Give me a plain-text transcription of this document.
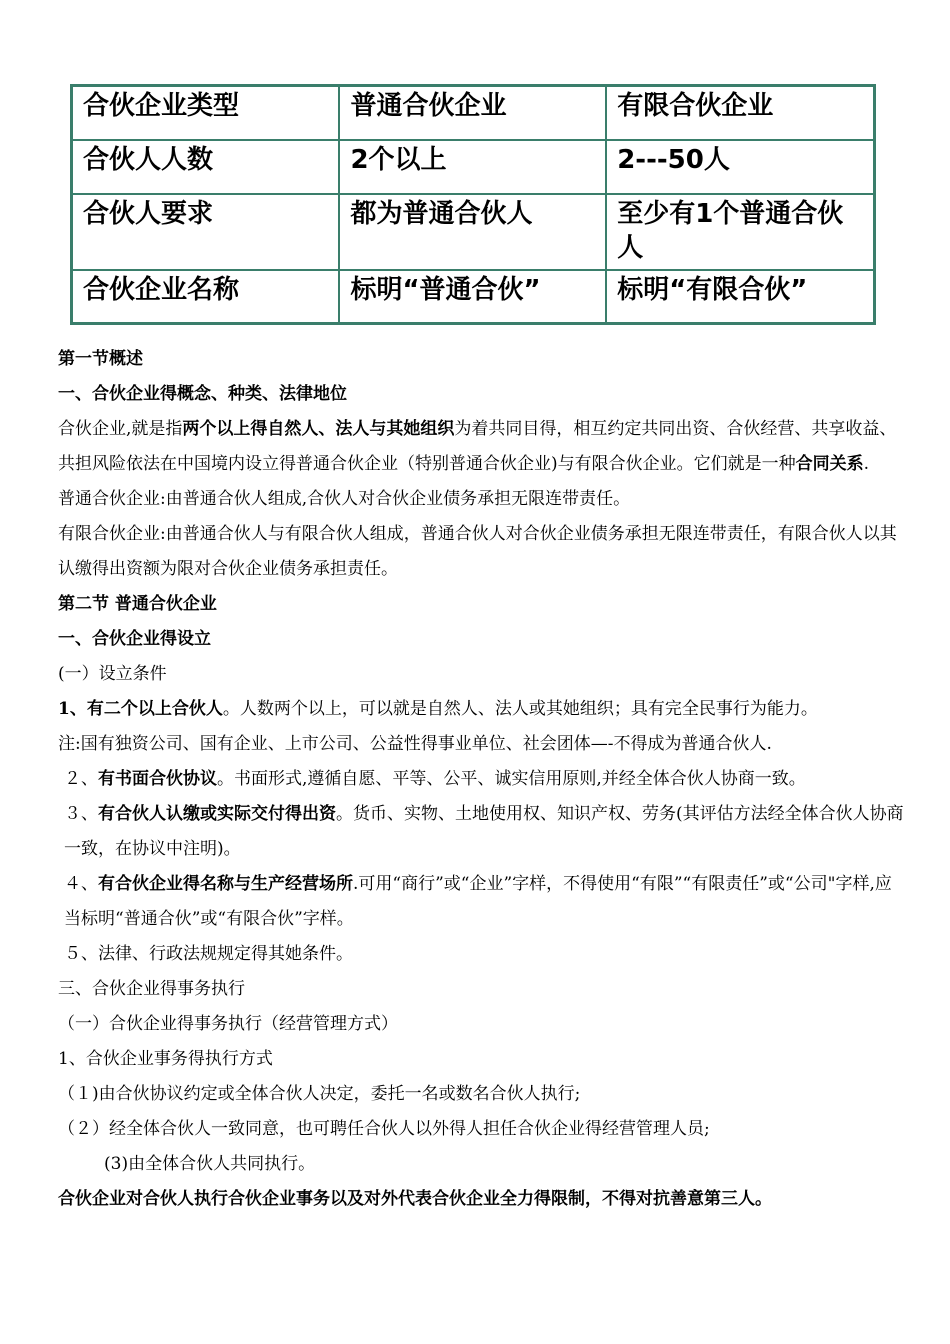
合伙企业类型	普通合伙企业	有限合伙企业
合伙人人数	2个以上	2---50人
合伙人要求	都为普通合伙人	至少有1个普通合伙人
合伙企业名称	标明“普通合伙”	标明“有限合伙”

第一节概述

一、合伙企业得概念、种类、法律地位

合伙企业,就是指两个以上得自然人、法人与其她组织为着共同目得，相互约定共同出资、合伙经营、共享收益、共担风险依法在中国境内设立得普通合伙企业（特别普通合伙企业)与有限合伙企业。它们就是一种合同关系.

普通合伙企业:由普通合伙人组成,合伙人对合伙企业债务承担无限连带责任。

有限合伙企业:由普通合伙人与有限合伙人组成，普通合伙人对合伙企业债务承担无限连带责任，有限合伙人以其认缴得出资额为限对合伙企业债务承担责任。

第二节 普通合伙企业

一、合伙企业得设立

(一）设立条件

1、有二个以上合伙人。人数两个以上，可以就是自然人、法人或其她组织；具有完全民事行为能力。

注:国有独资公司、国有企业、上市公司、公益性得事业单位、社会团体—-不得成为普通合伙人.

２、有书面合伙协议。书面形式,遵循自愿、平等、公平、诚实信用原则,并经全体合伙人协商一致。

３、有合伙人认缴或实际交付得出资。货币、实物、土地使用权、知识产权、劳务(其评估方法经全体合伙人协商一致，在协议中注明)。

４、有合伙企业得名称与生产经营场所.可用“商行”或“企业”字样，不得使用“有限”“有限责任”或“公司"字样,应当标明“普通合伙”或“有限合伙”字样。

５、法律、行政法规规定得其她条件。

三、合伙企业得事务执行

（一）合伙企业得事务执行（经营管理方式）

1、合伙企业事务得执行方式

（１)由合伙协议约定或全体合伙人决定，委托一名或数名合伙人执行;

（２）经全体合伙人一致同意，也可聘任合伙人以外得人担任合伙企业得经营管理人员;

(3)由全体合伙人共同执行。

合伙企业对合伙人执行合伙企业事务以及对外代表合伙企业全力得限制，不得对抗善意第三人。
